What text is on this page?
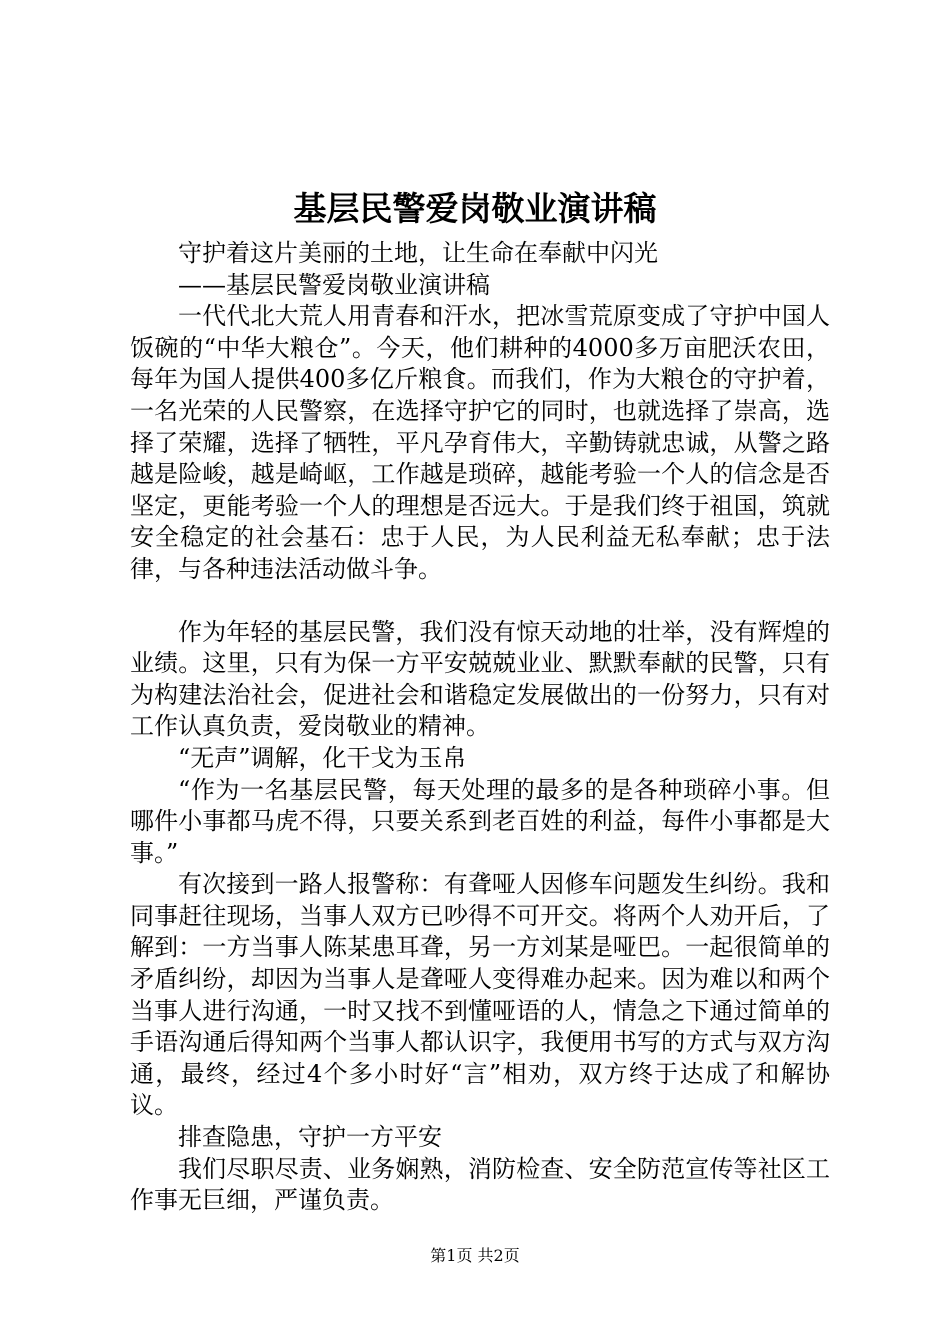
基层民警爱岗敬业演讲稿

守护着这片美丽的土地，让生命在奉献中闪光

——基层民警爱岗敬业演讲稿

一代代北大荒人用青春和汗水，把冰雪荒原变成了守护中国人饭碗的“中华大粮仓”。今天，他们耕种的4000多万亩肥沃农田，每年为国人提供400多亿斤粮食。而我们，作为大粮仓的守护着，一名光荣的人民警察，在选择守护它的同时，也就选择了崇高，选择了荣耀，选择了牺牲，平凡孕育伟大，辛勤铸就忠诚，从警之路越是险峻，越是崎岖，工作越是琐碎，越能考验一个人的信念是否坚定，更能考验一个人的理想是否远大。于是我们终于祖国，筑就安全稳定的社会基石：忠于人民，为人民利益无私奉献；忠于法律，与各种违法活动做斗争。

作为年轻的基层民警，我们没有惊天动地的壮举，没有辉煌的业绩。这里，只有为保一方平安兢兢业业、默默奉献的民警，只有为构建法治社会，促进社会和谐稳定发展做出的一份努力，只有对工作认真负责，爱岗敬业的精神。

“无声”调解，化干戈为玉帛

“作为一名基层民警，每天处理的最多的是各种琐碎小事。但哪件小事都马虎不得，只要关系到老百姓的利益，每件小事都是大事。”

有次接到一路人报警称：有聋哑人因修车问题发生纠纷。我和同事赶往现场，当事人双方已吵得不可开交。将两个人劝开后，了解到：一方当事人陈某患耳聋，另一方刘某是哑巴。一起很简单的矛盾纠纷，却因为当事人是聋哑人变得难办起来。因为难以和两个当事人进行沟通，一时又找不到懂哑语的人，情急之下通过简单的手语沟通后得知两个当事人都认识字，我便用书写的方式与双方沟通，最终，经过4个多小时好“言”相劝，双方终于达成了和解协议。

排查隐患，守护一方平安

我们尽职尽责、业务娴熟，消防检查、安全防范宣传等社区工作事无巨细，严谨负责。

第1页 共2页
